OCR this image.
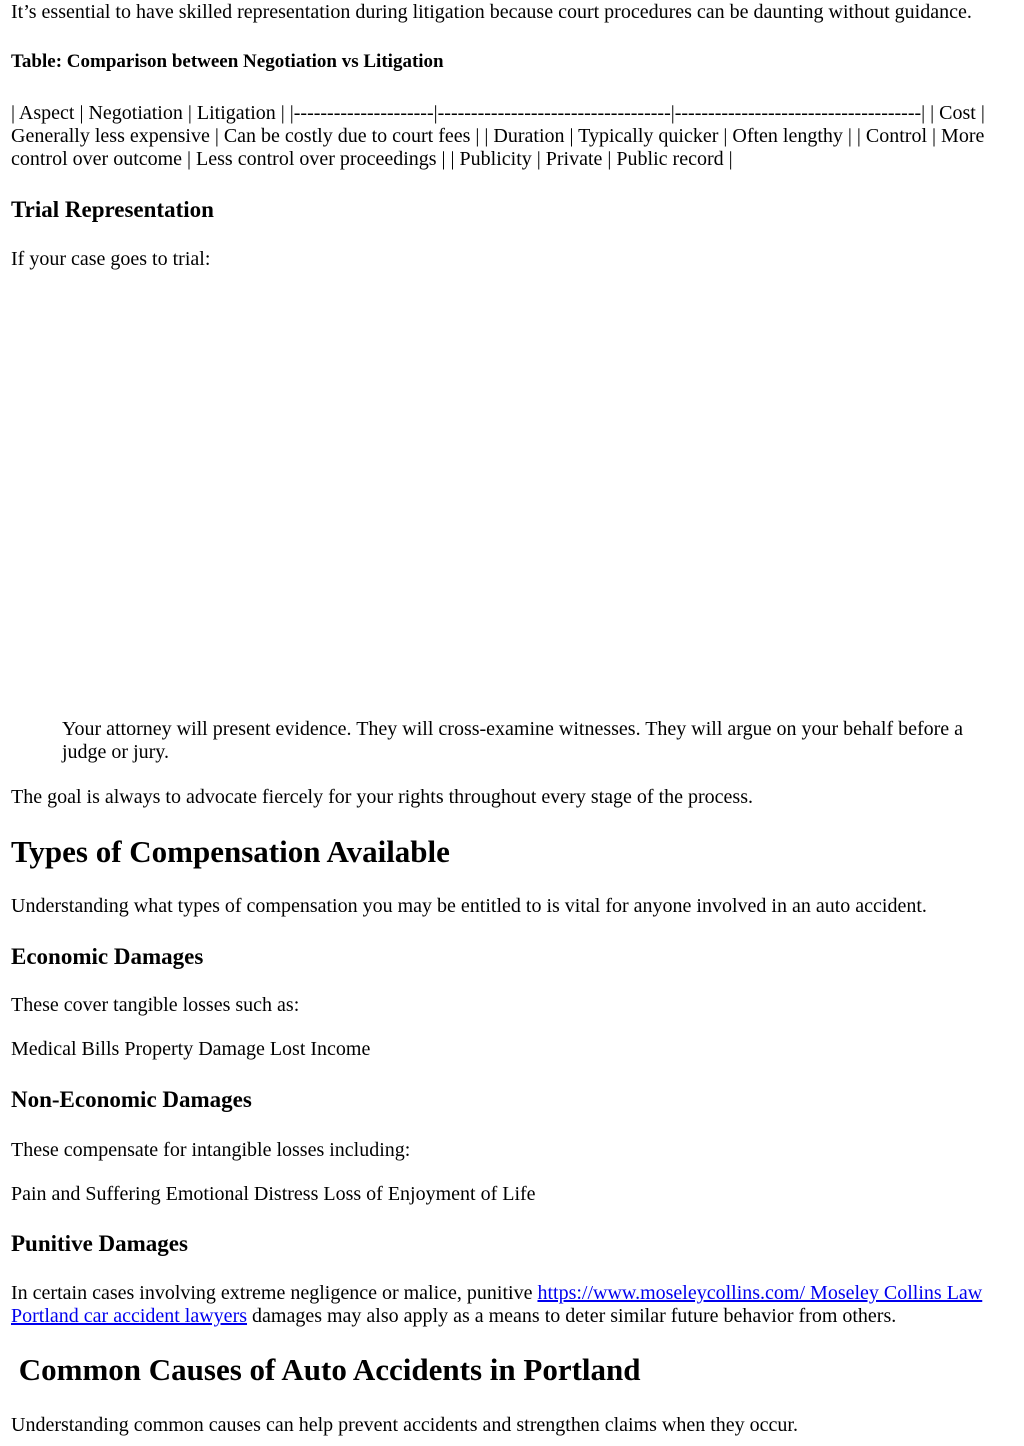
It’s essential to have skilled representation during litigation because court procedures can be daunting without guidance.

Table: Comparison between Negotiation vs Litigation

| Aspect | Negotiation | Litigation | |---------------------|-----------------------------------|-------------------------------------| | Cost | Generally less expensive | Can be costly due to court fees | | Duration | Typically quicker | Often lengthy | | Control | More control over outcome | Less control over proceedings | | Publicity | Private | Public record |

Trial Representation

If your case goes to trial:

Your attorney will present evidence. They will cross-examine witnesses. They will argue on your behalf before a judge or jury.

The goal is always to advocate fiercely for your rights throughout every stage of the process.

Types of Compensation Available

Understanding what types of compensation you may be entitled to is vital for anyone involved in an auto accident.

Economic Damages

These cover tangible losses such as:

Medical Bills Property Damage Lost Income

Non-Economic Damages

These compensate for intangible losses including:

Pain and Suffering Emotional Distress Loss of Enjoyment of Life

Punitive Damages

In certain cases involving extreme negligence or malice, punitive https://www.moseleycollins.com/ Moseley Collins Law Portland car accident lawyers damages may also apply as a means to deter similar future behavior from others.

Common Causes of Auto Accidents in Portland

Understanding common causes can help prevent accidents and strengthen claims when they occur.
